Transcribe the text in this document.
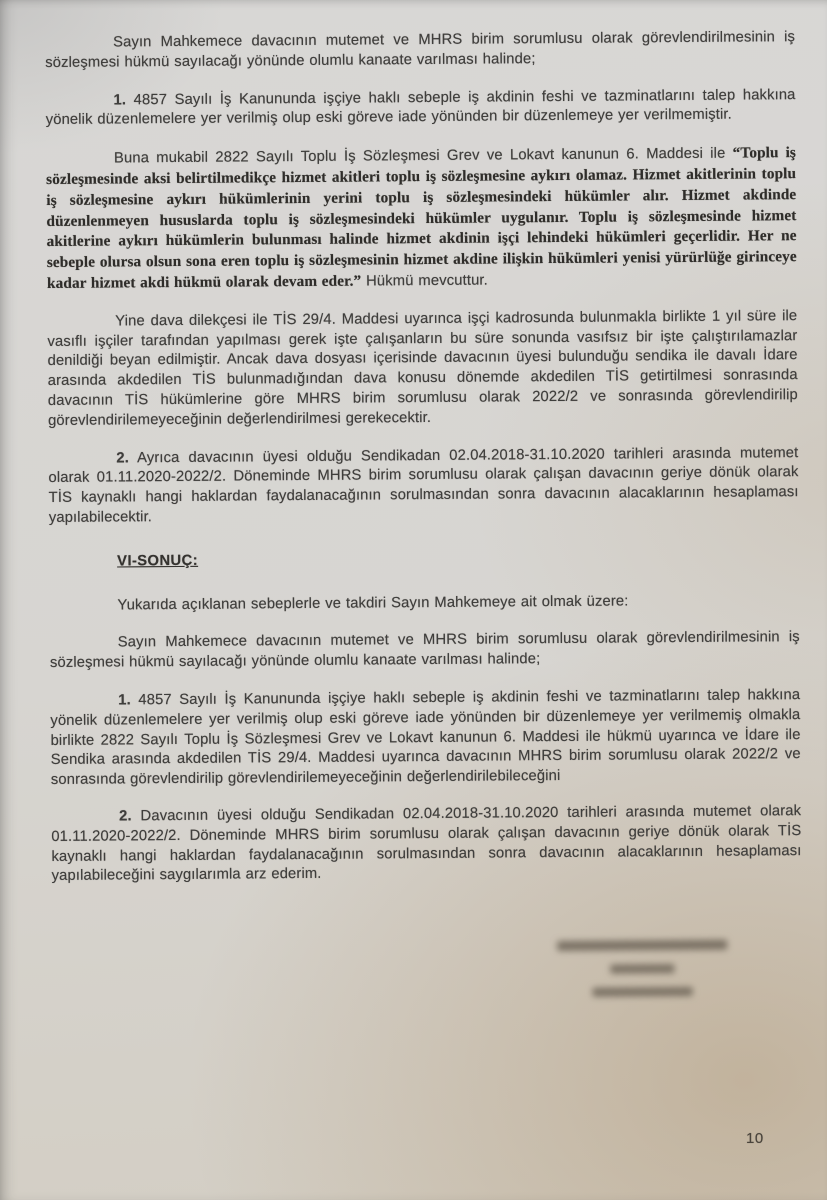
Sayın Mahkemece davacının mutemet ve MHRS birim sorumlusu olarak görevlendirilmesinin iş sözleşmesi hükmü sayılacağı yönünde olumlu kanaate varılması halinde;

1. 4857 Sayılı İş Kanununda işçiye haklı sebeple iş akdinin feshi ve tazminatlarını talep hakkına yönelik düzenlemelere yer verilmiş olup eski göreve iade yönünden bir düzenlemeye yer verilmemiştir.

Buna mukabil 2822 Sayılı Toplu İş Sözleşmesi Grev ve Lokavt kanunun 6. Maddesi ile “Toplu iş sözleşmesinde aksi belirtilmedikçe hizmet akitleri toplu iş sözleşmesine aykırı olamaz. Hizmet akitlerinin toplu iş sözleşmesine aykırı hükümlerinin yerini toplu iş sözleşmesindeki hükümler alır. Hizmet akdinde düzenlenmeyen hususlarda toplu iş sözleşmesindeki hükümler uygulanır. Toplu iş sözleşmesinde hizmet akitlerine aykırı hükümlerin bulunması halinde hizmet akdinin işçi lehindeki hükümleri geçerlidir. Her ne sebeple olursa olsun sona eren toplu iş sözleşmesinin hizmet akdine ilişkin hükümleri yenisi yürürlüğe girinceye kadar hizmet akdi hükmü olarak devam eder.” Hükmü mevcuttur.

Yine dava dilekçesi ile TİS 29/4. Maddesi uyarınca işçi kadrosunda bulunmakla birlikte 1 yıl süre ile vasıflı işçiler tarafından yapılması gerek işte çalışanların bu süre sonunda vasıfsız bir işte çalıştırılamazlar denildiği beyan edilmiştir. Ancak dava dosyası içerisinde davacının üyesi bulunduğu sendika ile davalı İdare arasında akdedilen TİS bulunmadığından dava konusu dönemde akdedilen TİS getirtilmesi sonrasında davacının TİS hükümlerine göre MHRS birim sorumlusu olarak 2022/2 ve sonrasında görevlendirilip görevlendirilemeyeceğinin değerlendirilmesi gerekecektir.

2. Ayrıca davacının üyesi olduğu Sendikadan 02.04.2018-31.10.2020 tarihleri arasında mutemet olarak 01.11.2020-2022/2. Döneminde MHRS birim sorumlusu olarak çalışan davacının geriye dönük olarak TİS kaynaklı hangi haklardan faydalanacağının sorulmasından sonra davacının alacaklarının hesaplaması yapılabilecektir.

VI-SONUÇ:

Yukarıda açıklanan sebeplerle ve takdiri Sayın Mahkemeye ait olmak üzere:

Sayın Mahkemece davacının mutemet ve MHRS birim sorumlusu olarak görevlendirilmesinin iş sözleşmesi hükmü sayılacağı yönünde olumlu kanaate varılması halinde;

1. 4857 Sayılı İş Kanununda işçiye haklı sebeple iş akdinin feshi ve tazminatlarını talep hakkına yönelik düzenlemelere yer verilmiş olup eski göreve iade yönünden bir düzenlemeye yer verilmemiş olmakla birlikte 2822 Sayılı Toplu İş Sözleşmesi Grev ve Lokavt kanunun 6. Maddesi ile hükmü uyarınca ve İdare ile Sendika arasında akdedilen TİS 29/4. Maddesi uyarınca davacının MHRS birim sorumlusu olarak 2022/2 ve sonrasında görevlendirilip görevlendirilemeyeceğinin değerlendirilebileceğini

2. Davacının üyesi olduğu Sendikadan 02.04.2018-31.10.2020 tarihleri arasında mutemet olarak 01.11.2020-2022/2. Döneminde MHRS birim sorumlusu olarak çalışan davacının geriye dönük olarak TİS kaynaklı hangi haklardan faydalanacağının sorulmasından sonra davacının alacaklarının hesaplaması yapılabileceğini saygılarımla arz ederim.

10
